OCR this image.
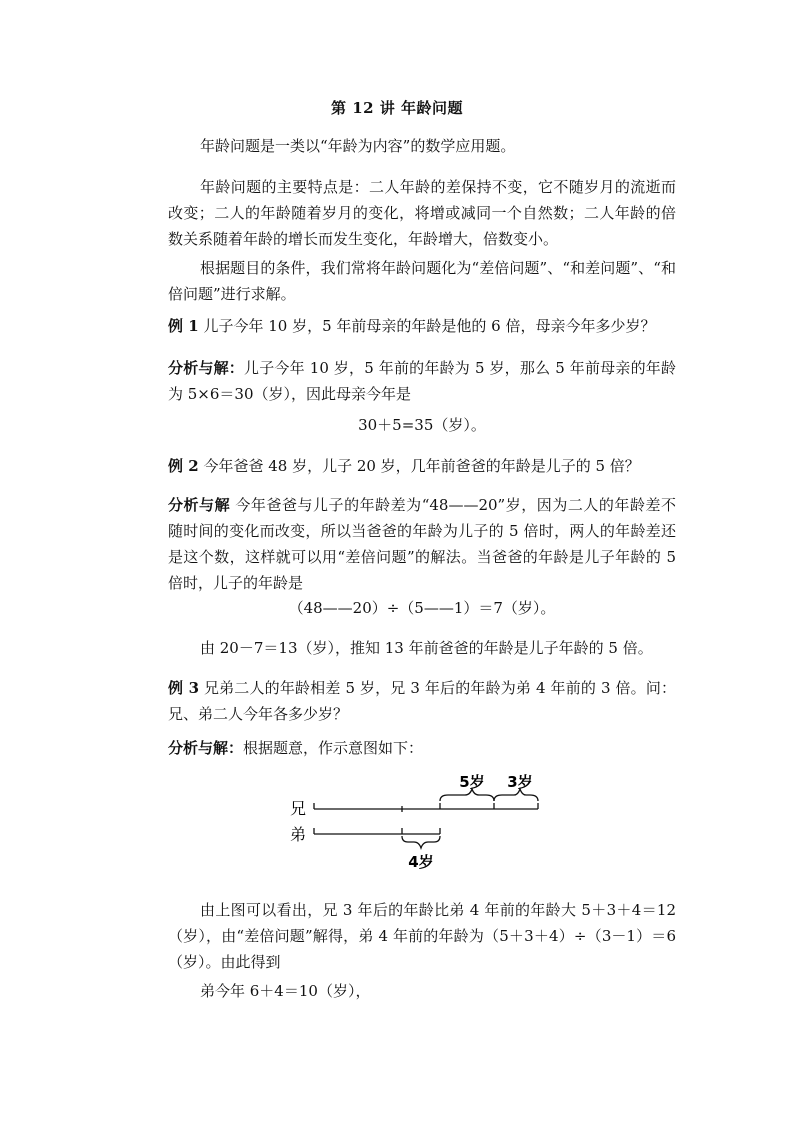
第 12 讲 年龄问题
年龄问题是一类以“年龄为内容”的数学应用题。
年龄问题的主要特点是：二人年龄的差保持不变，它不随岁月的流逝而改变；二人的年龄随着岁月的变化，将增或减同一个自然数；二人年龄的倍数关系随着年龄的增长而发生变化，年龄增大，倍数变小。
根据题目的条件，我们常将年龄问题化为“差倍问题”、“和差问题”、“和倍问题”进行求解。
例 1 儿子今年 10 岁，5 年前母亲的年龄是他的 6 倍，母亲今年多少岁？
分析与解：儿子今年 10 岁，5 年前的年龄为 5 岁，那么 5 年前母亲的年龄为 5×6＝30（岁），因此母亲今年是
30＋5=35（岁）。
例 2 今年爸爸 48 岁，儿子 20 岁，几年前爸爸的年龄是儿子的 5 倍？
分析与解 今年爸爸与儿子的年龄差为“48——20”岁，因为二人的年龄差不随时间的变化而改变，所以当爸爸的年龄为儿子的 5 倍时，两人的年龄差还是这个数，这样就可以用“差倍问题”的解法。当爸爸的年龄是儿子年龄的 5 倍时，儿子的年龄是
（48——20）÷（5——1）＝7（岁）。
由 20－7＝13（岁），推知 13 年前爸爸的年龄是儿子年龄的 5 倍。
例 3 兄弟二人的年龄相差 5 岁，兄 3 年后的年龄为弟 4 年前的 3 倍。问：兄、弟二人今年各多少岁？
分析与解：根据题意，作示意图如下：
5岁 3岁
兄
弟
4岁
由上图可以看出，兄 3 年后的年龄比弟 4 年前的年龄大 5＋3＋4＝12（岁），由“差倍问题”解得，弟 4 年前的年龄为（5＋3＋4）÷（3－1）＝6（岁）。由此得到
弟今年 6＋4＝10（岁），
